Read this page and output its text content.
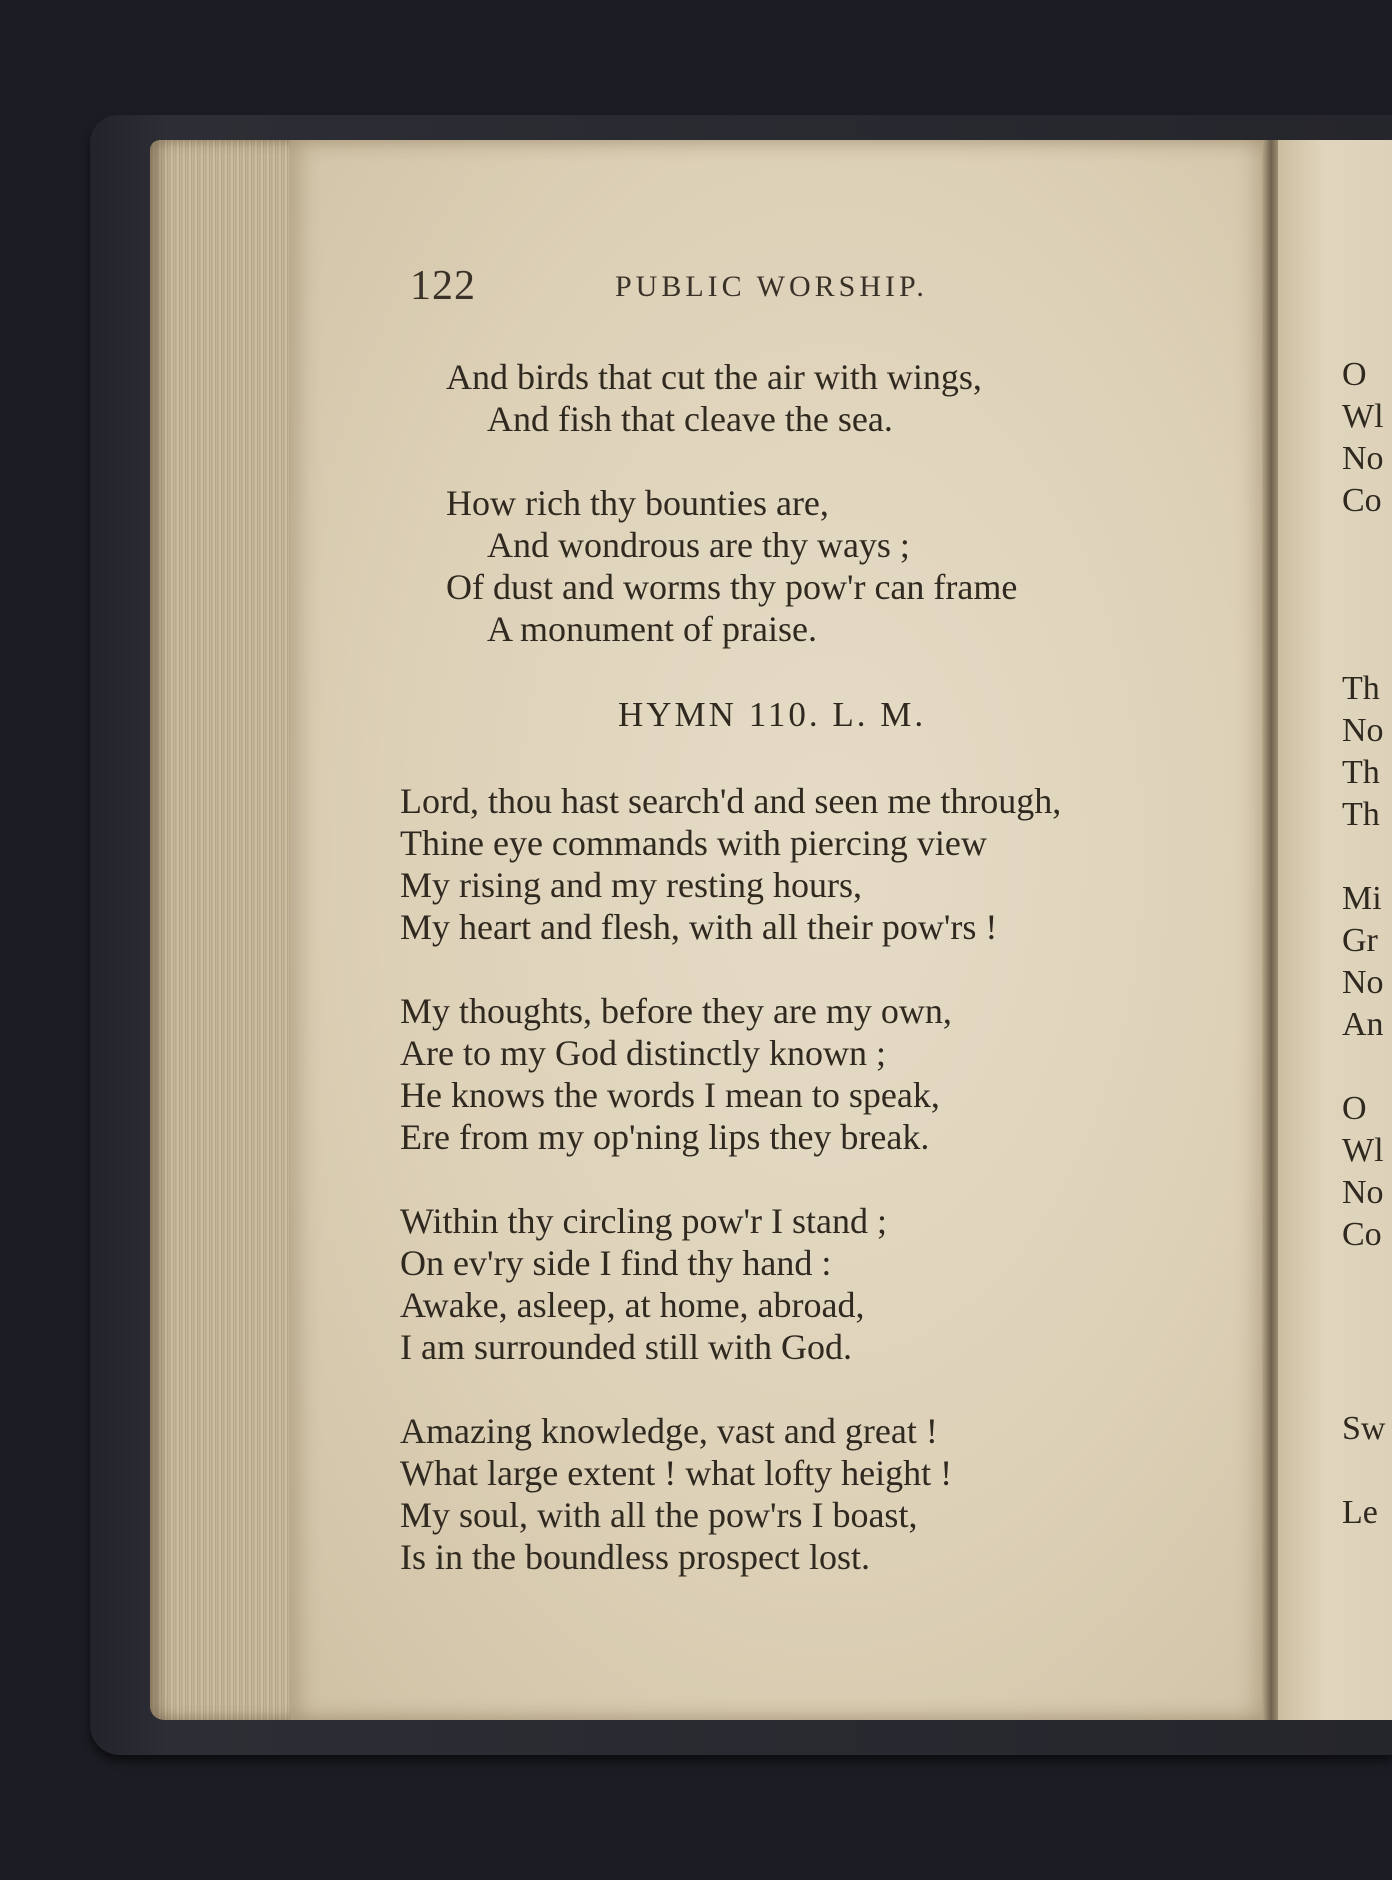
122	PUBLIC WORSHIP.
And birds that cut the air with wings,
And fish that cleave the sea.
How rich thy bounties are,
And wondrous are thy ways ;
Of dust and worms thy pow'r can frame
A monument of praise.
HYMN 110. L. M.
Lord, thou hast search'd and seen me through,
Thine eye commands with piercing view
My rising and my resting hours,
My heart and flesh, with all their pow'rs !
My thoughts, before they are my own,
Are to my God distinctly known ;
He knows the words I mean to speak,
Ere from my op'ning lips they break.
Within thy circling pow'r I stand ;
On ev'ry side I find thy hand :
Awake, asleep, at home, abroad,
I am surrounded still with God.
Amazing knowledge, vast and great !
What large extent ! what lofty height !
My soul, with all the pow'rs I boast,
Is in the boundless prospect lost.
O
Wl
No
Co
Th
No
Th
Th
Mi
Gr
No
An
O
Wl
No
Co
Sw
Le
